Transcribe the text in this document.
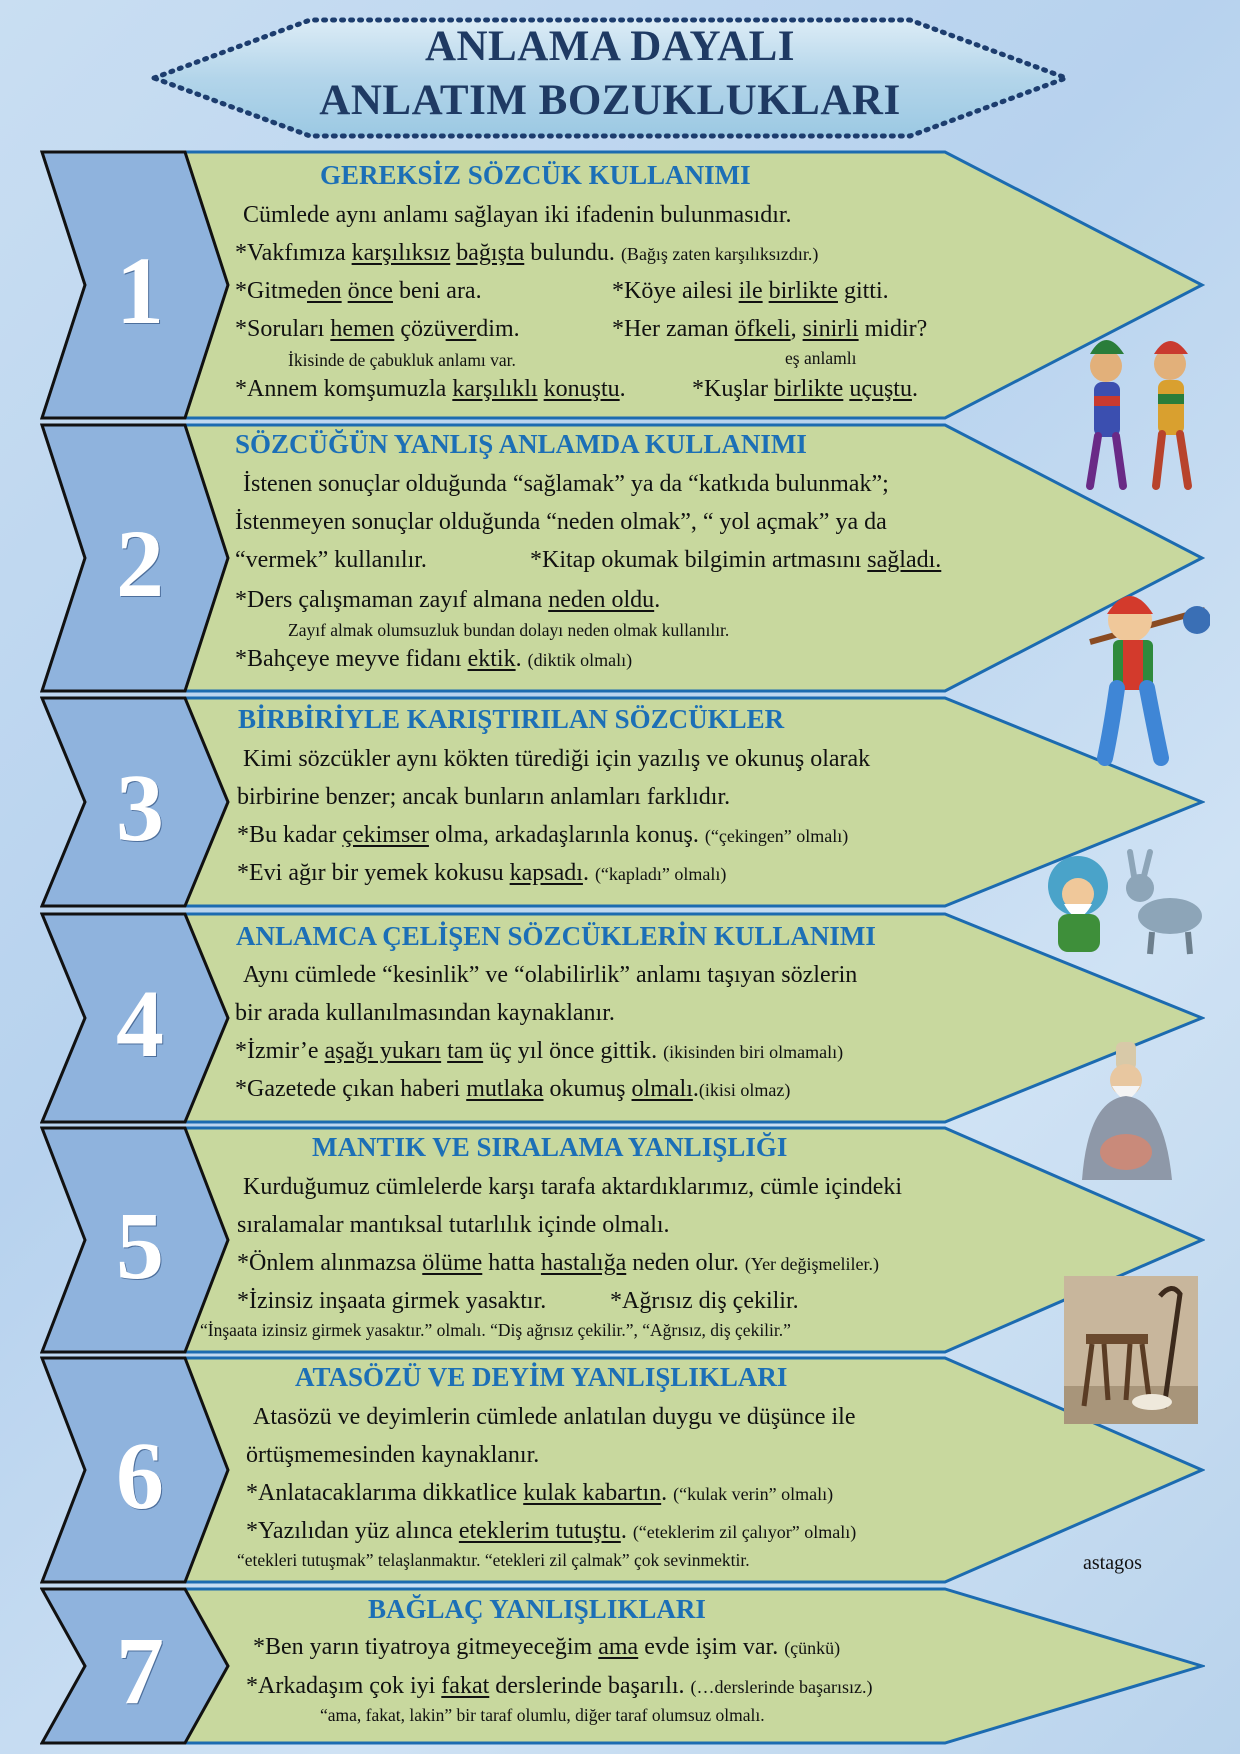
ANLAMA DAYALI
ANLATIM BOZUKLUKLARI
1
GEREKSİZ SÖZCÜK KULLANIMI
Cümlede aynı anlamı sağlayan iki ifadenin bulunmasıdır.
*Vakfımıza karşılıksız bağışta bulundu. (Bağış zaten karşılıksızdır.)
*Gitmeden önce beni ara.	*Köye ailesi ile birlikte gitti.
*Soruları hemen çözüverdim.	*Her zaman öfkeli, sinirli midir?
İkisinde de çabukluk anlamı var.	eş anlamlı
*Annem komşumuzla karşılıklı konuştu.	*Kuşlar birlikte uçuştu.
2
SÖZCÜĞÜN YANLIŞ ANLAMDA KULLANIMI
İstenen sonuçlar olduğunda “sağlamak” ya da “katkıda bulunmak”;
İstenmeyen sonuçlar olduğunda “neden olmak”, “ yol açmak” ya da
“vermek” kullanılır.	*Kitap okumak bilgimin artmasını sağladı.
*Ders çalışmaman zayıf almana neden oldu.
Zayıf almak olumsuzluk bundan dolayı neden olmak kullanılır.
*Bahçeye meyve fidanı ektik. (diktik olmalı)
3
BİRBİRİYLE KARIŞTIRILAN SÖZCÜKLER
Kimi sözcükler aynı kökten türediği için yazılış ve okunuş olarak
birbirine benzer; ancak bunların anlamları farklıdır.
*Bu kadar çekimser olma, arkadaşlarınla konuş. (“çekingen” olmalı)
*Evi ağır bir yemek kokusu kapsadı. (“kapladı” olmalı)
4
ANLAMCA ÇELİŞEN SÖZCÜKLERİN KULLANIMI
Aynı cümlede “kesinlik” ve “olabilirlik” anlamı taşıyan sözlerin
bir arada kullanılmasından kaynaklanır.
*İzmir’e aşağı yukarı tam üç yıl önce gittik. (ikisinden biri olmamalı)
*Gazetede çıkan haberi mutlaka okumuş olmalı.(ikisi olmaz)
5
MANTIK VE SIRALAMA YANLIŞLIĞI
Kurduğumuz cümlelerde karşı tarafa aktardıklarımız, cümle içindeki
sıralamalar mantıksal tutarlılık içinde olmalı.
*Önlem alınmazsa ölüme hatta hastalığa neden olur. (Yer değişmeliler.)
*İzinsiz inşaata girmek yasaktır.	*Ağrısız diş çekilir.
“İnşaata izinsiz girmek yasaktır.” olmalı. “Diş ağrısız çekilir.”, “Ağrısız, diş çekilir.”
6
ATASÖZÜ VE DEYİM YANLIŞLIKLARI
Atasözü ve deyimlerin cümlede anlatılan duygu ve düşünce ile
örtüşmemesinden kaynaklanır.
*Anlatacaklarıma dikkatlice kulak kabartın. (“kulak verin” olmalı)
*Yazılıdan yüz alınca eteklerim tutuştu. (“eteklerim zil çalıyor” olmalı)
“etekleri tutuşmak” telaşlanmaktır. “etekleri zil çalmak” çok sevinmektir.
7
BAĞLAÇ YANLIŞLIKLARI
*Ben yarın tiyatroya gitmeyeceğim ama evde işim var. (çünkü)
*Arkadaşım çok iyi fakat derslerinde başarılı. (…derslerinde başarısız.)
“ama, fakat, lakin” bir taraf olumlu, diğer taraf olumsuz olmalı.
astagos
